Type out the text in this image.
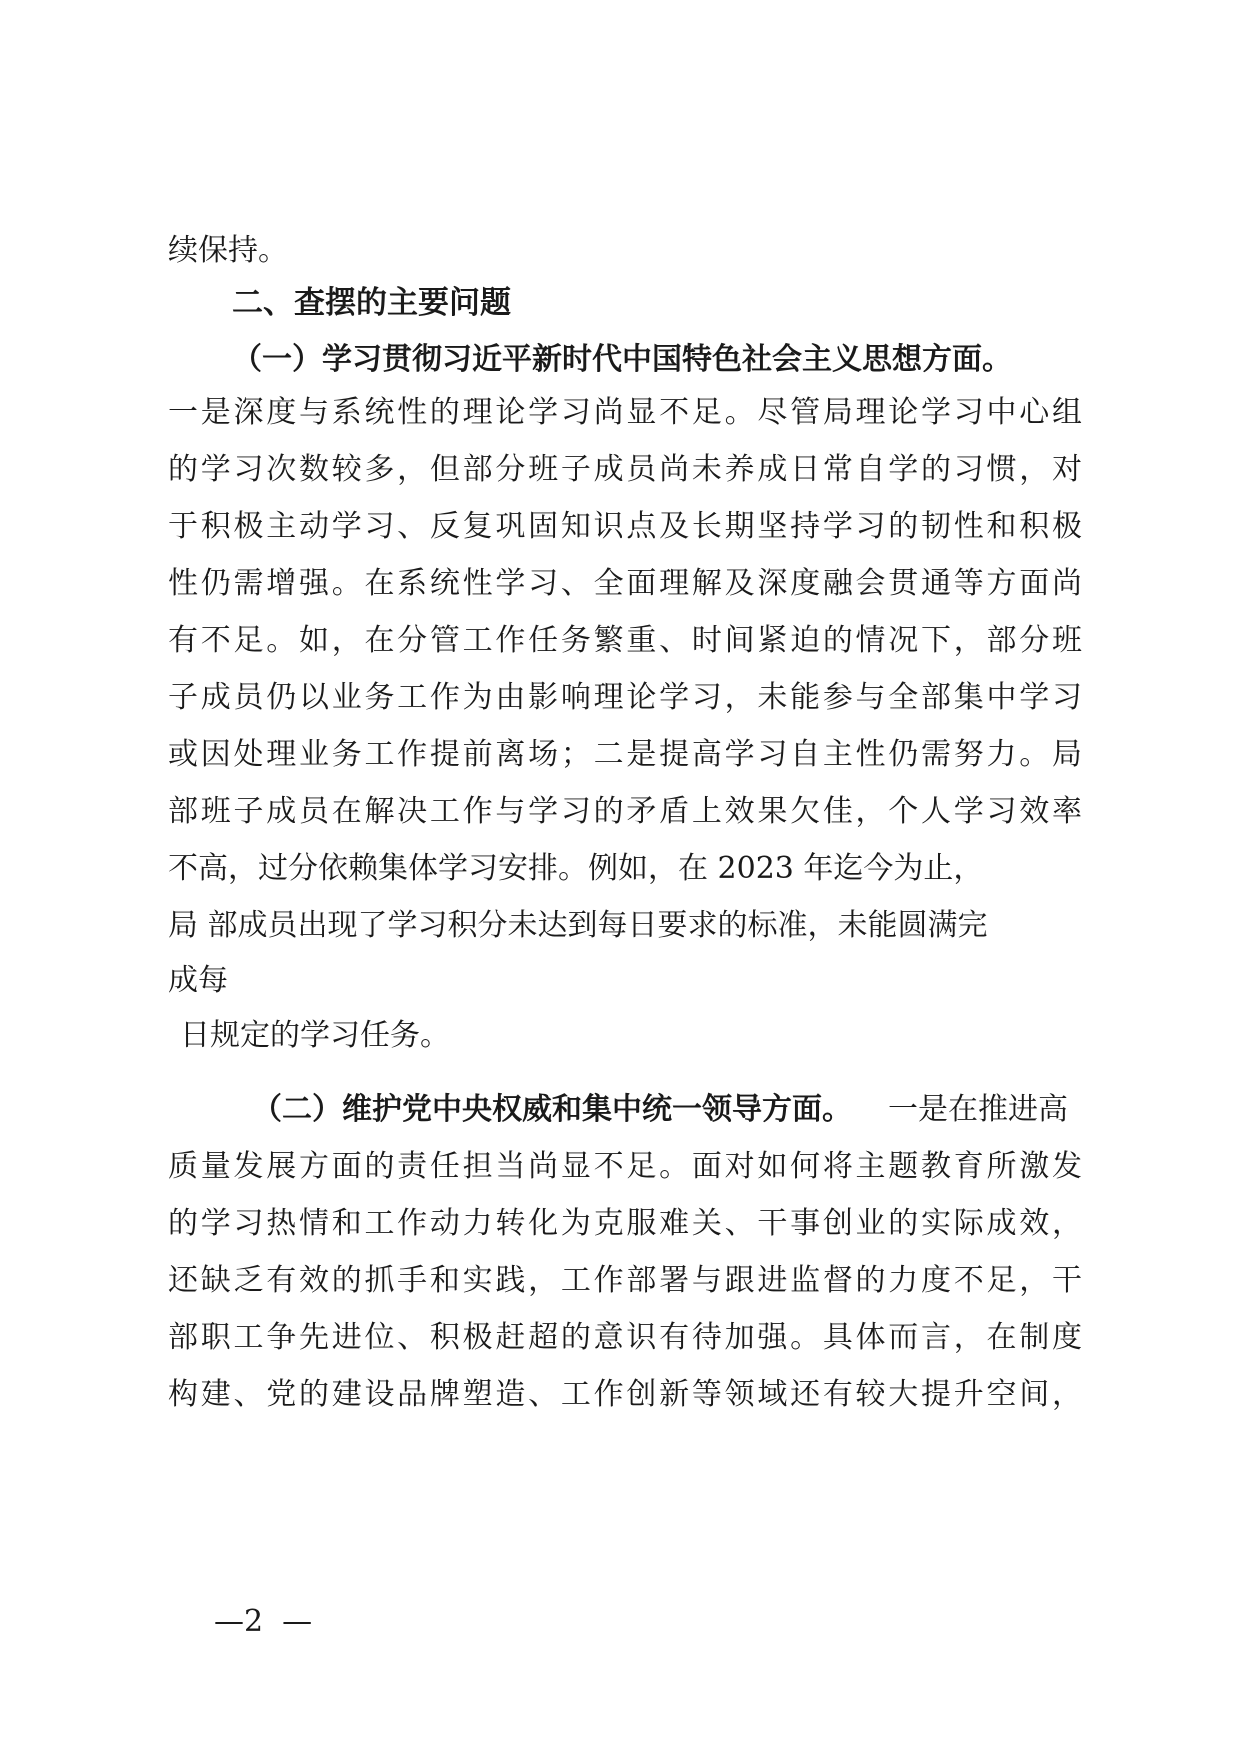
续保持。
二、查摆的主要问题
（一）学习贯彻习近平新时代中国特色社会主义思想方面。
一是深度与系统性的理论学习尚显不足。尽管局理论学习中心组
的学习次数较多，但部分班子成员尚未养成日常自学的习惯，对
于积极主动学习、反复巩固知识点及长期坚持学习的韧性和积极
性仍需增强。在系统性学习、全面理解及深度融会贯通等方面尚
有不足。如，在分管工作任务繁重、时间紧迫的情况下，部分班
子成员仍以业务工作为由影响理论学习，未能参与全部集中学习
或因处理业务工作提前离场；二是提高学习自主性仍需努力。局
部班子成员在解决工作与学习的矛盾上效果欠佳，个人学习效率
不高，过分依赖集体学习安排。例如，在 2023 年迄今为止，
局 部成员出现了学习积分未达到每日要求的标准，未能圆满完
成每
日规定的学习任务。
（二）维护党中央权威和集中统一领导方面。 一是在推进高
质量发展方面的责任担当尚显不足。面对如何将主题教育所激发
的学习热情和工作动力转化为克服难关、干事创业的实际成效，
还缺乏有效的抓手和实践，工作部署与跟进监督的力度不足，干
部职工争先进位、积极赶超的意识有待加强。具体而言，在制度
构建、党的建设品牌塑造、工作创新等领域还有较大提升空间，
—2  —
